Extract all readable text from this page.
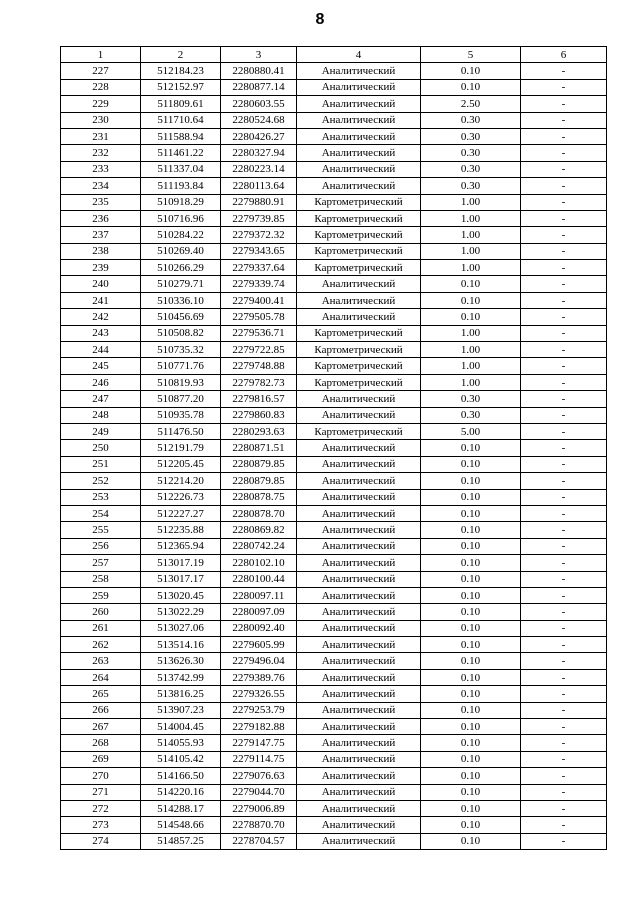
8
1	2	3	4	5	6
227	512184.23	2280880.41	Аналитический	0.10	-
228	512152.97	2280877.14	Аналитический	0.10	-
229	511809.61	2280603.55	Аналитический	2.50	-
230	511710.64	2280524.68	Аналитический	0.30	-
231	511588.94	2280426.27	Аналитический	0.30	-
232	511461.22	2280327.94	Аналитический	0.30	-
233	511337.04	2280223.14	Аналитический	0.30	-
234	511193.84	2280113.64	Аналитический	0.30	-
235	510918.29	2279880.91	Картометрический	1.00	-
236	510716.96	2279739.85	Картометрический	1.00	-
237	510284.22	2279372.32	Картометрический	1.00	-
238	510269.40	2279343.65	Картометрический	1.00	-
239	510266.29	2279337.64	Картометрический	1.00	-
240	510279.71	2279339.74	Аналитический	0.10	-
241	510336.10	2279400.41	Аналитический	0.10	-
242	510456.69	2279505.78	Аналитический	0.10	-
243	510508.82	2279536.71	Картометрический	1.00	-
244	510735.32	2279722.85	Картометрический	1.00	-
245	510771.76	2279748.88	Картометрический	1.00	-
246	510819.93	2279782.73	Картометрический	1.00	-
247	510877.20	2279816.57	Аналитический	0.30	-
248	510935.78	2279860.83	Аналитический	0.30	-
249	511476.50	2280293.63	Картометрический	5.00	-
250	512191.79	2280871.51	Аналитический	0.10	-
251	512205.45	2280879.85	Аналитический	0.10	-
252	512214.20	2280879.85	Аналитический	0.10	-
253	512226.73	2280878.75	Аналитический	0.10	-
254	512227.27	2280878.70	Аналитический	0.10	-
255	512235.88	2280869.82	Аналитический	0.10	-
256	512365.94	2280742.24	Аналитический	0.10	-
257	513017.19	2280102.10	Аналитический	0.10	-
258	513017.17	2280100.44	Аналитический	0.10	-
259	513020.45	2280097.11	Аналитический	0.10	-
260	513022.29	2280097.09	Аналитический	0.10	-
261	513027.06	2280092.40	Аналитический	0.10	-
262	513514.16	2279605.99	Аналитический	0.10	-
263	513626.30	2279496.04	Аналитический	0.10	-
264	513742.99	2279389.76	Аналитический	0.10	-
265	513816.25	2279326.55	Аналитический	0.10	-
266	513907.23	2279253.79	Аналитический	0.10	-
267	514004.45	2279182.88	Аналитический	0.10	-
268	514055.93	2279147.75	Аналитический	0.10	-
269	514105.42	2279114.75	Аналитический	0.10	-
270	514166.50	2279076.63	Аналитический	0.10	-
271	514220.16	2279044.70	Аналитический	0.10	-
272	514288.17	2279006.89	Аналитический	0.10	-
273	514548.66	2278870.70	Аналитический	0.10	-
274	514857.25	2278704.57	Аналитический	0.10	-
